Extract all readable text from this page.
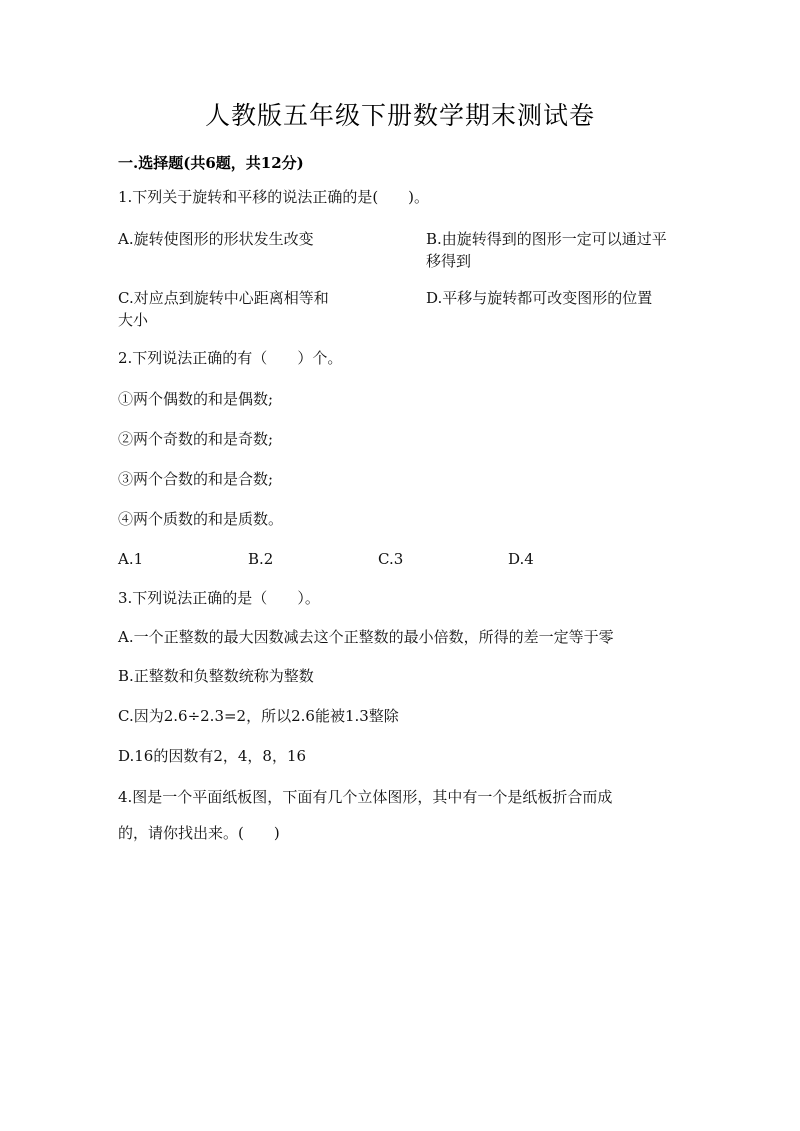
人教版五年级下册数学期末测试卷
一.选择题(共6题，共12分)
1.下列关于旋转和平移的说法正确的是(　　)。
A.旋转使图形的形状发生改变	B.由旋转得到的图形一定可以通过平移得到
C.对应点到旋转中心距离相等和大小
D.平移与旋转都可改变图形的位置
2.下列说法正确的有（　　）个。
①两个偶数的和是偶数;
②两个奇数的和是奇数;
③两个合数的和是合数;
④两个质数的和是质数。
A.1	B.2	C.3	D.4
3.下列说法正确的是（　　）。
A.一个正整数的最大因数减去这个正整数的最小倍数，所得的差一定等于零
B.正整数和负整数统称为整数
C.因为2.6÷2.3=2，所以2.6能被1.3整除
D.16的因数有2，4，8，16
4.图是一个平面纸板图，下面有几个立体图形，其中有一个是纸板折合而成
的，请你找出来。(　　)
